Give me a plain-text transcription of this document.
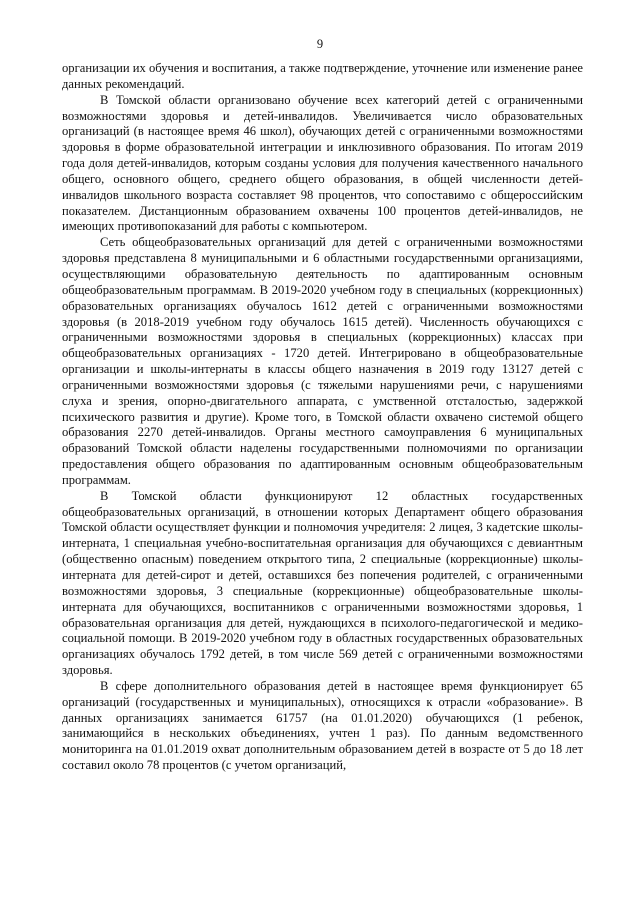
9

организации их обучения и воспитания, а также подтверждение, уточнение или изменение ранее данных рекомендаций.

В Томской области организовано обучение всех категорий детей с ограниченными возможностями здоровья и детей-инвалидов. Увеличивается число образовательных организаций (в настоящее время 46 школ), обучающих детей с ограниченными возможностями здоровья в форме образовательной интеграции и инклюзивного образования. По итогам 2019 года доля детей-инвалидов, которым созданы условия для получения качественного начального общего, основного общего, среднего общего образования, в общей численности детей-инвалидов школьного возраста составляет 98 процентов, что сопоставимо с общероссийским показателем. Дистанционным образованием охвачены 100 процентов детей-инвалидов, не имеющих противопоказаний для работы с компьютером.

Сеть общеобразовательных организаций для детей с ограниченными возможностями здоровья представлена 8 муниципальными и 6 областными государственными организациями, осуществляющими образовательную деятельность по адаптированным основным общеобразовательным программам. В 2019-2020 учебном году в специальных (коррекционных) образовательных организациях обучалось 1612 детей с ограниченными возможностями здоровья (в 2018-2019 учебном году обучалось 1615 детей). Численность обучающихся с ограниченными возможностями здоровья в специальных (коррекционных) классах при общеобразовательных организациях - 1720 детей. Интегрировано в общеобразовательные организации и школы-интернаты в классы общего назначения в 2019 году 13127 детей с ограниченными возможностями здоровья (с тяжелыми нарушениями речи, с нарушениями слуха и зрения, опорно-двигательного аппарата, с умственной отсталостью, задержкой психического развития и другие). Кроме того, в Томской области охвачено системой общего образования 2270 детей-инвалидов. Органы местного самоуправления 6 муниципальных образований Томской области наделены государственными полномочиями по организации предоставления общего образования по адаптированным основным общеобразовательным программам.

В Томской области функционируют 12 областных государственных общеобразовательных организаций, в отношении которых Департамент общего образования Томской области осуществляет функции и полномочия учредителя: 2 лицея, 3 кадетские школы-интерната, 1 специальная учебно-воспитательная организация для обучающихся с девиантным (общественно опасным) поведением открытого типа, 2 специальные (коррекционные) школы-интерната для детей-сирот и детей, оставшихся без попечения родителей, с ограниченными возможностями здоровья, 3 специальные (коррекционные) общеобразовательные школы-интерната для обучающихся, воспитанников с ограниченными возможностями здоровья, 1 образовательная организация для детей, нуждающихся в психолого-педагогической и медико-социальной помощи. В 2019-2020 учебном году в областных государственных образовательных организациях обучалось 1792 детей, в том числе 569 детей с ограниченными возможностями здоровья.

В сфере дополнительного образования детей в настоящее время функционирует 65 организаций (государственных и муниципальных), относящихся к отрасли «образование». В данных организациях занимается 61757 (на 01.01.2020) обучающихся (1 ребенок, занимающийся в нескольких объединениях, учтен 1 раз). По данным ведомственного мониторинга на 01.01.2019 охват дополнительным образованием детей в возрасте от 5 до 18 лет составил около 78 процентов (с учетом организаций,
